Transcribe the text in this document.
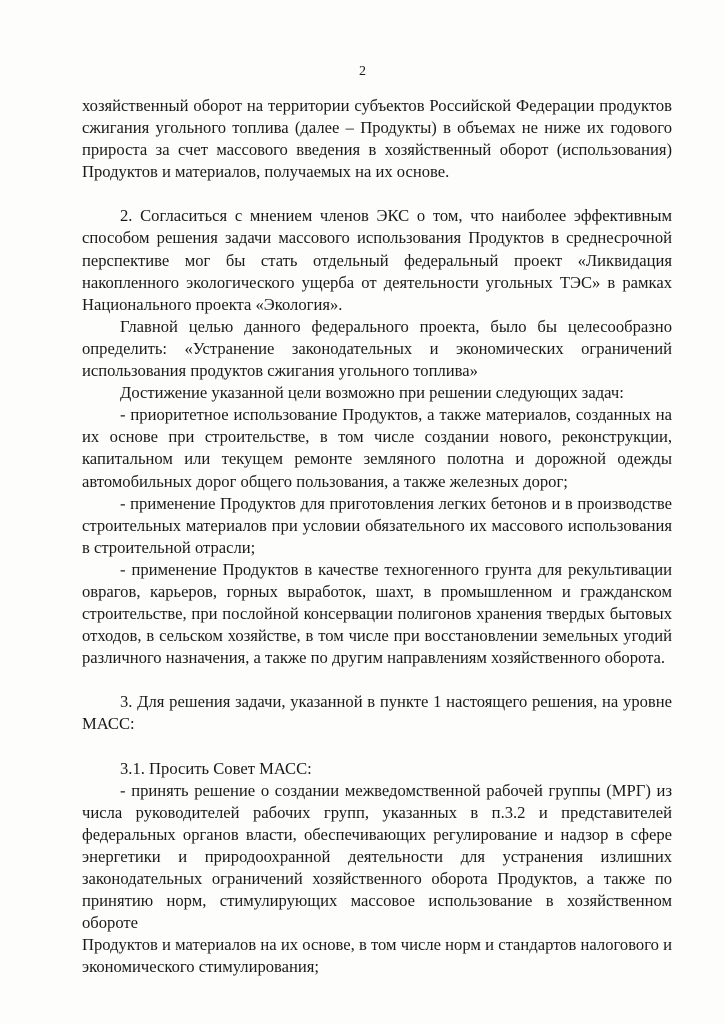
2

хозяйственный оборот на территории субъектов Российской Федерации продуктов

сжигания угольного топлива (далее – Продукты) в объемах не ниже их годового

прироста за счет массового введения в хозяйственный оборот (использования)

Продуктов и материалов, получаемых на их основе.

2. Согласиться с мнением членов ЭКС о том, что наиболее эффективным

способом решения задачи массового использования Продуктов в среднесрочной

перспективе мог бы стать отдельный федеральный проект «Ликвидация

накопленного экологического ущерба от деятельности угольных ТЭС» в рамках

Национального проекта «Экология».

Главной целью данного федерального проекта, было бы целесообразно

определить: «Устранение законодательных и экономических ограничений

использования продуктов сжигания угольного топлива»

Достижение указанной цели возможно при решении следующих задач:

- приоритетное использование Продуктов, а также материалов, созданных на

их основе при строительстве, в том числе создании нового, реконструкции,

капитальном или текущем ремонте земляного полотна и дорожной одежды

автомобильных дорог общего пользования, а также железных дорог;

- применение Продуктов для приготовления легких бетонов и в производстве

строительных материалов при условии обязательного их массового использования

в строительной отрасли;

- применение Продуктов в качестве техногенного грунта для рекультивации

оврагов, карьеров, горных выработок, шахт, в промышленном и гражданском

строительстве, при послойной консервации полигонов хранения твердых бытовых

отходов, в сельском хозяйстве, в том числе при восстановлении земельных угодий

различного назначения, а также по другим направлениям хозяйственного оборота.

3. Для решения задачи, указанной в пункте 1 настоящего решения, на уровне

МАСС:

3.1. Просить Совет МАСС:

- принять решение о создании межведомственной рабочей группы (МРГ) из

числа руководителей рабочих групп, указанных в п.3.2 и представителей

федеральных органов власти, обеспечивающих регулирование и надзор в сфере

энергетики и природоохранной деятельности для устранения излишних

законодательных ограничений хозяйственного оборота Продуктов, а также по

принятию норм, стимулирующих массовое использование в хозяйственном обороте

Продуктов и материалов на их основе, в том числе норм и стандартов налогового и

экономического стимулирования;
